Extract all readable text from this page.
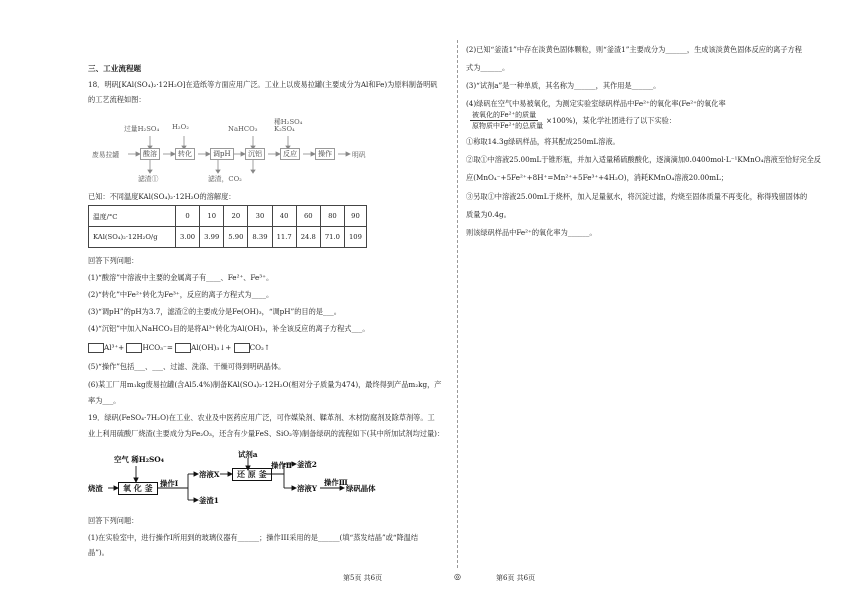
三、工业流程题

18．明矾[KAl(SO₄)₂·12H₂O]在造纸等方面应用广泛。工业上以废易拉罐(主要成分为Al和Fe)为原料制备明矾

的工艺流程如图：

过量H₂SO₄ H₂O₂	NaHCO₃
稀H₂SO₄
K₂SO₄
废易拉罐	酸溶	转化	调pH	沉铝	反应	操作	明矾
滤渣①	滤渣，CO₂

已知：不同温度KAl(SO₄)₂·12H₂O的溶解度：

温度/°C	0	10	20	30	40	60	80	90
KAl(SO₄)₂·12H₂O/g	3.00	3.99	5.90	8.39	11.7	24.8	71.0	109

回答下列问题：

(1)“酸溶”中溶液中主要的金属离子有____、Fe²⁺、Fe³⁺。

(2)“转化”中Fe²⁺转化为Fe³⁺，反应的离子方程式为____。

(3)“调pH”的pH为3.7，滤渣②的主要成分是Fe(OH)₃，“调pH”的目的是___。

(4)“沉铝”中加入NaHCO₃目的是将Al³⁺转化为Al(OH)₃，补全该反应的离子方程式___。

Al³⁺+	HCO₃⁻=	Al(OH)₃↓+	CO₂↑

(5)“操作”包括___、___、过滤、洗涤、干燥可得到明矾晶体。

(6)某工厂用m₁kg废易拉罐(含Al5.4%)制备KAl(SO₄)₂·12H₂O(相对分子质量为474)，最终得到产品m₂kg，产

率为___。

19．绿矾(FeSO₄·7H₂O)在工业、农业及中医药应用广泛，可作媒染剂、鞣革剂、木材防腐剂及除草剂等。工

业上利用硫酸厂烧渣(主要成分为Fe₂O₃，还含有少量FeS、SiO₂等)制备绿矾的流程如下(其中所加试剂均过量)：

空气 稀H₂SO₄
烧渣	氧 化 釜	操作Ⅰ
溶液X
釜渣1
试剂a
还 原 釜
操作Ⅱ 釜渣2
溶液Y
操作Ⅲ
绿矾晶体

回答下列问题：

(1)在实验室中，进行操作I所用到的玻璃仪器有______；操作III采用的是______(填“蒸发结晶”或“降温结

晶”)。

第5页 共6页	◎

(2)已知“釜渣1”中存在淡黄色固体颗粒，则“釜渣1”主要成分为______，生成该淡黄色固体反应的离子方程

式为______。

(3)“试剂a”是一种单质，其名称为______，其作用是______。

(4)绿矾在空气中易被氧化，为测定实验室绿矾样品中Fe²⁺的氧化率(Fe²⁺的氧化率

被氧化的Fe²⁺的质量
原物质中Fe²⁺的总质量
×100%)，某化学社团进行了以下实验：

①称取14.3g绿矾样品，将其配成250mL溶液。

②取①中溶液25.00mL于锥形瓶，并加入适量稀硫酸酸化，逐滴滴加0.0400mol·L⁻¹KMnO₄溶液至恰好完全反

应(MnO₄⁻+5Fe²⁺+8H⁺=Mn²⁺+5Fe³⁺+4H₂O)，消耗KMnO₄溶液20.00mL；

③另取①中溶液25.00mL于烧杯，加入足量氨水，将沉淀过滤，灼烧至固体质量不再变化，称得残留固体的

质量为0.4g。

则该绿矾样品中Fe²⁺的氧化率为______。

第6页 共6页
